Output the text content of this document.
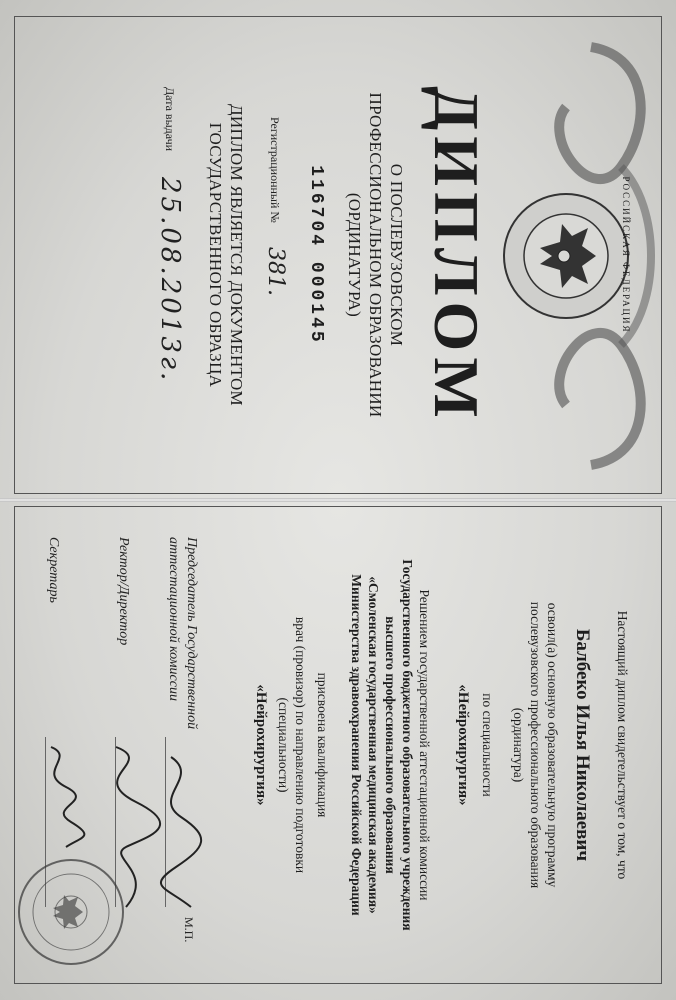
РОССИЙСКАЯ ФЕДЕРАЦИЯ
ДИПЛОМ
О ПОСЛЕВУЗОВСКОМ
ПРОФЕССИОНАЛЬНОМ ОБРАЗОВАНИИ
(ОРДИНАТУРА)
116704 000145
Регистрационный №
381.
ДИПЛОМ ЯВЛЯЕТСЯ ДОКУМЕНТОМ
ГОСУДАРСТВЕННОГО ОБРАЗЦА
Дата выдачи
25.08.2013г.
Настоящий диплом свидетельствует о том, что
Балбеко Илья Николаевич
освоил(а) основную образовательную программу
послевузовского профессионального образования
(ординатура)
по специальности
«Нейрохирургия»
Решением государственной аттестационной комиссии
Государственного бюджетного образовательного учреждения
высшего профессионального образования
«Смоленская государственная медицинская академия»
Министерства здравоохранения Российской Федерации
присвоена квалификация
врач (провизор) по направлению подготовки
(специальности)
«Нейрохирургия»
Председатель Государственной
аттестационной комиссии
Ректор/Директор
Секретарь
М.П.
